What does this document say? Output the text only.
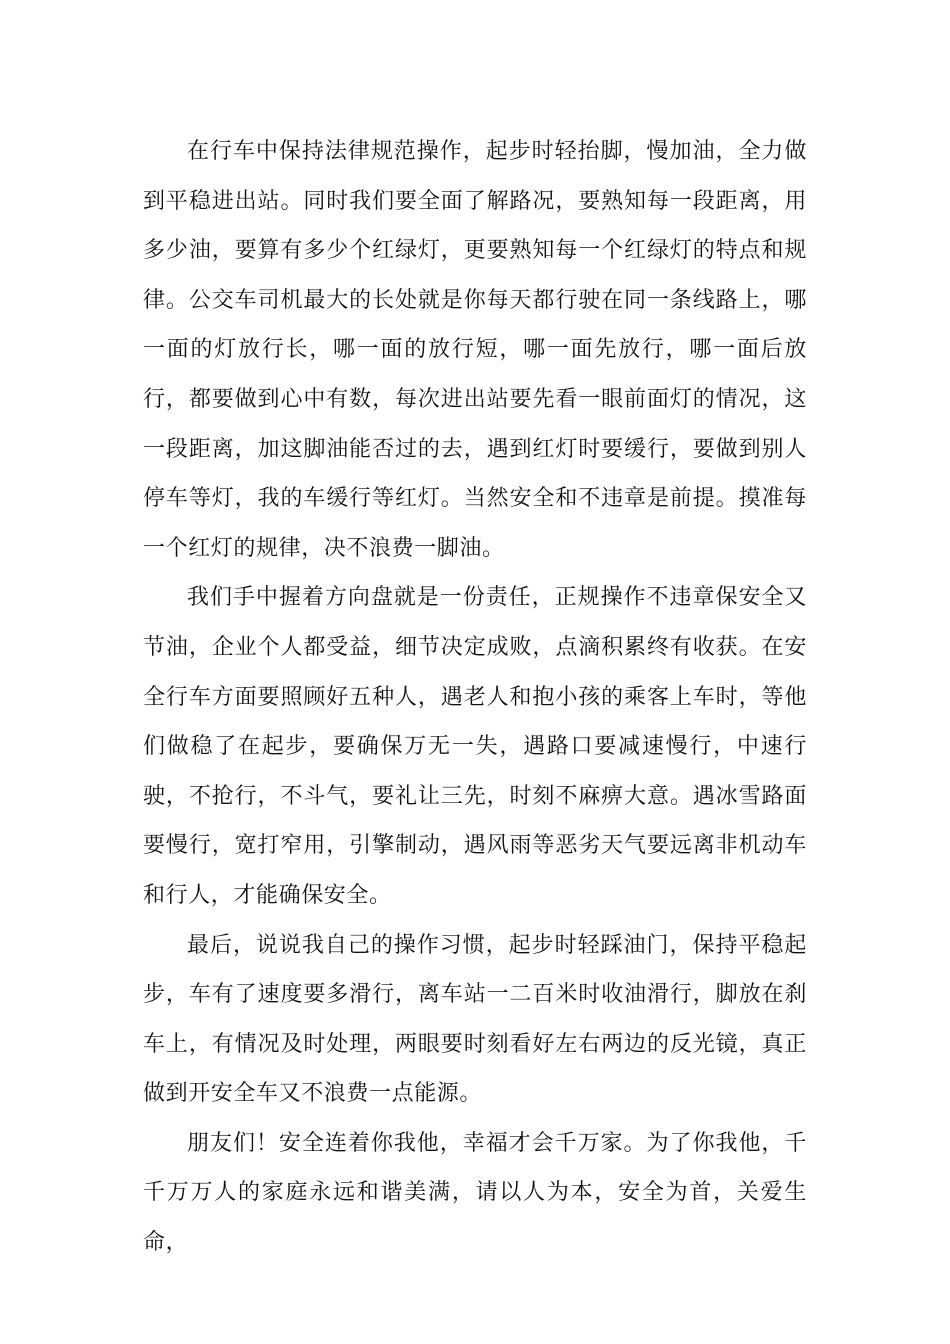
在行车中保持法律规范操作，起步时轻抬脚，慢加油，全力做到平稳进出站。同时我们要全面了解路况，要熟知每一段距离，用多少油，要算有多少个红绿灯，更要熟知每一个红绿灯的特点和规律。公交车司机最大的长处就是你每天都行驶在同一条线路上，哪一面的灯放行长，哪一面的放行短，哪一面先放行，哪一面后放行，都要做到心中有数，每次进出站要先看一眼前面灯的情况，这一段距离，加这脚油能否过的去，遇到红灯时要缓行，要做到别人停车等灯，我的车缓行等红灯。当然安全和不违章是前提。摸准每一个红灯的规律，决不浪费一脚油。

我们手中握着方向盘就是一份责任，正规操作不违章保安全又节油，企业个人都受益，细节决定成败，点滴积累终有收获。在安全行车方面要照顾好五种人，遇老人和抱小孩的乘客上车时，等他们做稳了在起步，要确保万无一失，遇路口要减速慢行，中速行驶，不抢行，不斗气，要礼让三先，时刻不麻痹大意。遇冰雪路面要慢行，宽打窄用，引擎制动，遇风雨等恶劣天气要远离非机动车和行人，才能确保安全。

最后，说说我自己的操作习惯，起步时轻踩油门，保持平稳起步，车有了速度要多滑行，离车站一二百米时收油滑行，脚放在刹车上，有情况及时处理，两眼要时刻看好左右两边的反光镜，真正做到开安全车又不浪费一点能源。

朋友们！安全连着你我他，幸福才会千万家。为了你我他，千千万万人的家庭永远和谐美满，请以人为本，安全为首，关爱生命，
